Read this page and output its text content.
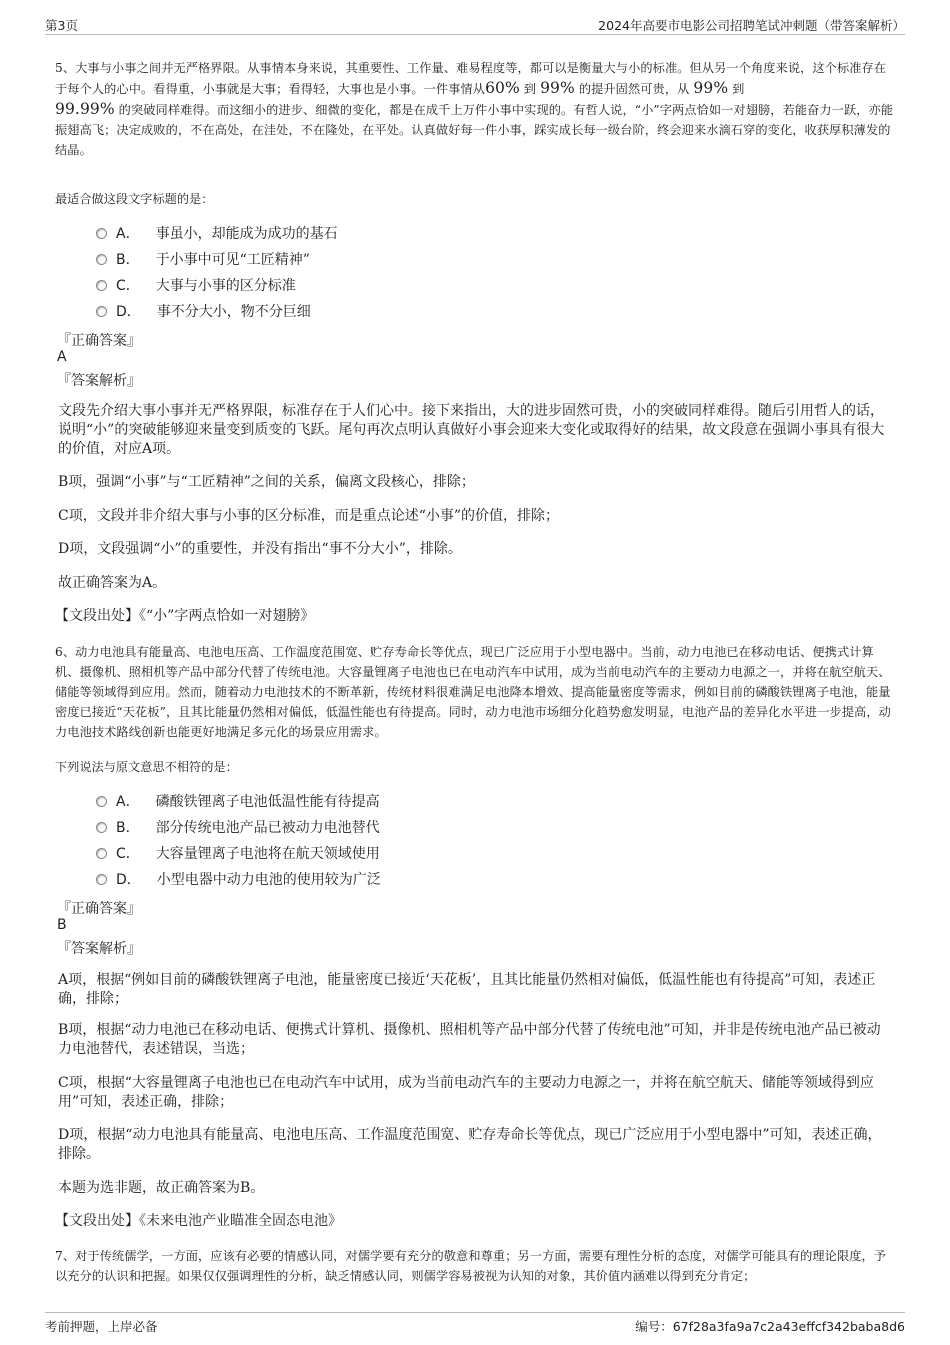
第3页	2024年高要市电影公司招聘笔试冲刺题（带答案解析）
5、大事与小事之间并无严格界限。从事情本身来说，其重要性、工作量、难易程度等，都可以是衡量大与小的标准。但从另一个角度来说，这个标准存在于每个人的心中。看得重，小事就是大事；看得轻，大事也是小事。一件事情从60% 到 99% 的提升固然可贵，从 99% 到
99.99% 的突破同样难得。而这细小的进步、细微的变化，都是在成千上万件小事中实现的。有哲人说，“小”字两点恰如一对翅膀，若能奋力一跃，亦能振翅高飞；决定成败的，不在高处，在洼处，不在隆处，在平处。认真做好每一件小事，踩实成长每一级台阶，终会迎来水滴石穿的变化，收获厚积薄发的结晶。
最适合做这段文字标题的是：
A． 事虽小，却能成为成功的基石
B． 于小事中可见“工匠精神”
C． 大事与小事的区分标准
D． 事不分大小，物不分巨细
『正确答案』
A
『答案解析』
文段先介绍大事小事并无严格界限，标准存在于人们心中。接下来指出，大的进步固然可贵，小的突破同样难得。随后引用哲人的话，说明“小”的突破能够迎来量变到质变的飞跃。尾句再次点明认真做好小事会迎来大变化或取得好的结果，故文段意在强调小事具有很大的价值，对应A项。
B项，强调“小事”与“工匠精神”之间的关系，偏离文段核心，排除；
C项，文段并非介绍大事与小事的区分标准，而是重点论述“小事”的价值，排除；
D项，文段强调“小”的重要性，并没有指出“事不分大小”，排除。
故正确答案为A。
【文段出处】《“小”字两点恰如一对翅膀》
6、动力电池具有能量高、电池电压高、工作温度范围宽、贮存寿命长等优点，现已广泛应用于小型电器中。当前，动力电池已在移动电话、便携式计算机、摄像机、照相机等产品中部分代替了传统电池。大容量锂离子电池也已在电动汽车中试用，成为当前电动汽车的主要动力电源之一，并将在航空航天、储能等领域得到应用。然而，随着动力电池技术的不断革新，传统材料很难满足电池降本增效、提高能量密度等需求，例如目前的磷酸铁锂离子电池，能量密度已接近“天花板”，且其比能量仍然相对偏低，低温性能也有待提高。同时，动力电池市场细分化趋势愈发明显，电池产品的差异化水平进一步提高，动力电池技术路线创新也能更好地满足多元化的场景应用需求。
下列说法与原文意思不相符的是：
A． 磷酸铁锂离子电池低温性能有待提高
B． 部分传统电池产品已被动力电池替代
C． 大容量锂离子电池将在航天领域使用
D． 小型电器中动力电池的使用较为广泛
『正确答案』
B
『答案解析』
A项，根据“例如目前的磷酸铁锂离子电池，能量密度已接近‘天花板’，且其比能量仍然相对偏低，低温性能也有待提高”可知，表述正确，排除；
B项，根据“动力电池已在移动电话、便携式计算机、摄像机、照相机等产品中部分代替了传统电池”可知，并非是传统电池产品已被动力电池替代，表述错误，当选；
C项，根据“大容量锂离子电池也已在电动汽车中试用，成为当前电动汽车的主要动力电源之一，并将在航空航天、储能等领域得到应用”可知，表述正确，排除；
D项，根据“动力电池具有能量高、电池电压高、工作温度范围宽、贮存寿命长等优点，现已广泛应用于小型电器中”可知，表述正确，排除。
本题为选非题，故正确答案为B。
【文段出处】《未来电池产业瞄准全固态电池》
7、对于传统儒学，一方面，应该有必要的情感认同，对儒学要有充分的敬意和尊重；另一方面，需要有理性分析的态度，对儒学可能具有的理论限度，予以充分的认识和把握。如果仅仅强调理性的分析，缺乏情感认同，则儒学容易被视为认知的对象，其价值内涵难以得到充分肯定；
考前押题，上岸必备	编号：67f28a3fa9a7c2a43effcf342baba8d6
